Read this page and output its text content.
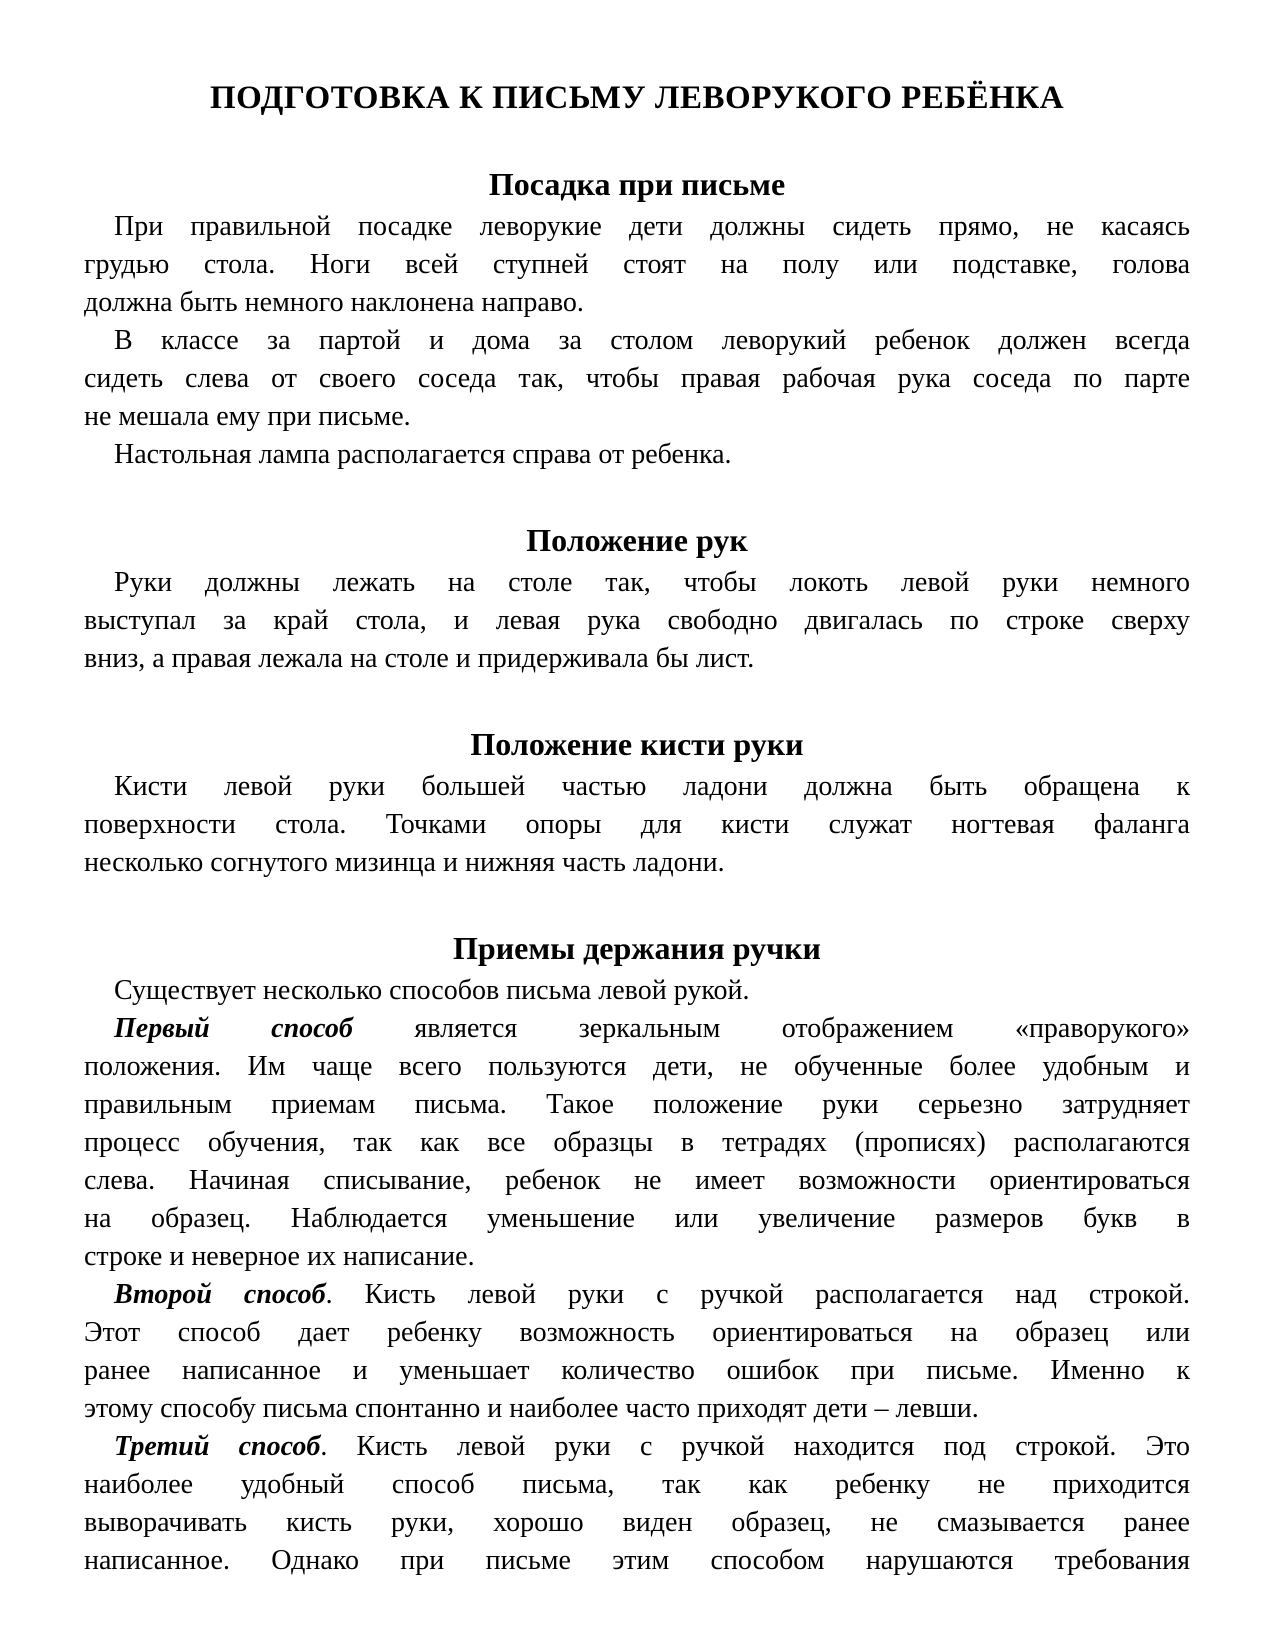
ПОДГОТОВКА К ПИСЬМУ ЛЕВОРУКОГО РЕБЁНКА
Посадка при письме
При правильной посадке леворукие дети должны сидеть прямо, не касаясь
грудью стола. Ноги всей ступней стоят на полу или подставке, голова
должна быть немного наклонена направо.
В классе за партой и дома за столом леворукий ребенок должен всегда
сидеть слева от своего соседа так, чтобы правая рабочая рука соседа по парте
не мешала ему при письме.
Настольная лампа располагается справа от ребенка.
Положение рук
Руки должны лежать на столе так, чтобы локоть левой руки немного
выступал за край стола, и левая рука свободно двигалась по строке сверху
вниз, а правая лежала на столе и придерживала бы лист.
Положение кисти руки
Кисти левой руки большей частью ладони должна быть обращена к
поверхности стола. Точками опоры для кисти служат ногтевая фаланга
несколько согнутого мизинца и нижняя часть ладони.
Приемы держания ручки
Существует несколько способов письма левой рукой.
Первый способ является зеркальным отображением «праворукого»
положения. Им чаще всего пользуются дети, не обученные более удобным и
правильным приемам письма. Такое положение руки серьезно затрудняет
процесс обучения, так как все образцы в тетрадях (прописях) располагаются
слева. Начиная списывание, ребенок не имеет возможности ориентироваться
на образец. Наблюдается уменьшение или увеличение размеров букв в
строке и неверное их написание.
Второй способ. Кисть левой руки с ручкой располагается над строкой.
Этот способ дает ребенку возможность ориентироваться на образец или
ранее написанное и уменьшает количество ошибок при письме. Именно к
этому способу письма спонтанно и наиболее часто приходят дети – левши.
Третий способ. Кисть левой руки с ручкой находится под строкой. Это
наиболее удобный способ письма, так как ребенку не приходится
выворачивать кисть руки, хорошо виден образец, не смазывается ранее
написанное. Однако при письме этим способом нарушаются требования
